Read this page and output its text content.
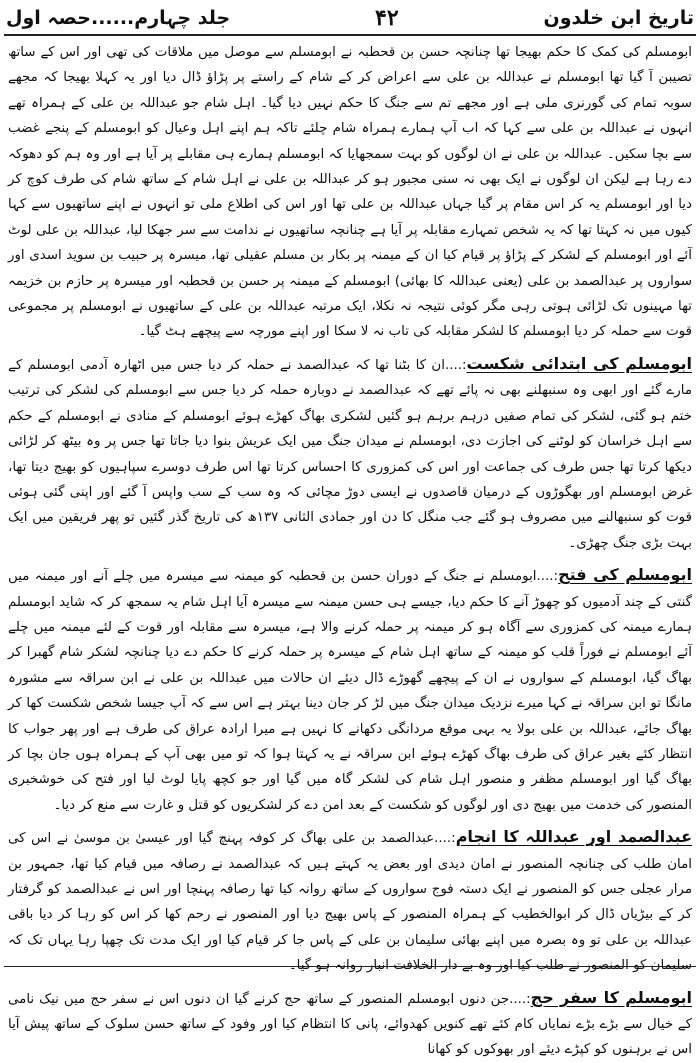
تاریخ ابن خلدون
۴۲
جلد چہارم......حصہ اول

ابومسلم کی کمک کا حکم بھیجا تھا چنانچہ حسن بن قحطبہ نے ابومسلم سے موصل میں ملاقات کی تھی اور اس کے ساتھ تصیبن آ گیا تھا ابومسلم نے عبداللہ بن علی سے اعراض کر کے شام کے راستے پر پڑاؤ ڈال دیا اور یہ کہلا بھیجا کہ مجھے سوبہ تمام کی گورنری ملی ہے اور مجھے تم سے جنگ کا حکم نہیں دیا گیا۔ اہل شام جو عبداللہ بن علی کے ہمراہ تھے انہوں نے عبداللہ بن علی سے کہا کہ اب آپ ہمارے ہمراہ شام چلئے تاکہ ہم اپنے اہل وعیال کو ابومسلم کے پنجے غضب سے بچا سکیں۔ عبداللہ بن علی نے ان لوگوں کو بہت سمجھایا کہ ابومسلم ہمارے ہی مقابلے پر آیا ہے اور وہ ہم کو دھوکہ دے رہا ہے لیکن ان لوگوں نے ایک بھی نہ سنی مجبور ہو کر عبداللہ بن علی نے اہل شام کے ساتھ شام کی طرف کوچ کر دیا اور ابومسلم یہ کر اس مقام پر گیا جہاں عبداللہ بن علی تھا اور اس کی اطلاع ملی تو انہوں نے اپنے ساتھیوں سے کہا کیوں میں نہ کہتا تھا کہ یہ شخص تمہارے مقابلہ پر آیا ہے چنانچہ ساتھیوں نے ندامت سے سر جھکا لیا، عبداللہ بن علی لوٹ آئے اور ابومسلم کے لشکر کے پڑاؤ پر قیام کیا ان کے میمنہ پر بکار بن مسلم عقیلی تھا، میسرہ پر حبیب بن سوید اسدی اور سواروں پر عبدالصمد بن علی (یعنی عبداللہ کا بھائی) ابومسلم کے میمنہ پر حسن بن قحطبہ اور میسرہ پر حازم بن خزیمہ تھا مہینوں تک لڑائی ہوتی رہی مگر کوئی نتیجہ نہ نکلا، ایک مرتبہ عبداللہ بن علی کے ساتھیوں نے ابومسلم پر مجموعی قوت سے حملہ کر دیا ابومسلم کا لشکر مقابلہ کی تاب نہ لا سکا اور اپنے مورچہ سے پیچھے ہٹ گیا۔

ابومسلم کی ابتدائی شکست:....ان کا بٹنا تھا کہ عبدالصمد نے حملہ کر دیا جس میں اٹھارہ آدمی ابومسلم کے مارے گئے اور ابھی وہ سنبھلنے بھی نہ پائے تھے کہ عبدالصمد نے دوبارہ حملہ کر دیا جس سے ابومسلم کی لشکر کی ترتیب ختم ہو گئی، لشکر کی تمام صفیں درہم برہم ہو گئیں لشکری بھاگ کھڑے ہوئے ابومسلم کے منادی نے ابومسلم کے حکم سے اہل خراسان کو لوٹنے کی اجازت دی، ابومسلم نے میدان جنگ میں ایک عریش بنوا دیا جاتا تھا جس پر وہ بیٹھ کر لڑائی دیکھا کرتا تھا جس طرف کی جماعت اور اس کی کمزوری کا احساس کرتا تھا اس طرف دوسرے سپاہیوں کو بھیج دیتا تھا، غرض ابومسلم اور بھگوڑوں کے درمیان قاصدوں نے ایسی دوڑ مچائی کہ وہ سب کے سب واپس آ گئے اور اپنی گئی ہوئی قوت کو سنبھالنے میں مصروف ہو گئے جب منگل کا دن اور جمادی الثانی ۱۳۷ھ کی تاریخ گذر گئیں تو پھر فریقین میں ایک بہت بڑی جنگ چھڑی۔

ابومسلم کی فتح:....ابومسلم نے جنگ کے دوران حسن بن قحطبہ کو میمنہ سے میسرہ میں چلے آنے اور میمنہ میں گنتی کے چند آدمیوں کو چھوڑ آنے کا حکم دیا، جیسے ہی حسن میمنہ سے میسرہ آیا اہل شام یہ سمجھ کر کہ شاید ابومسلم ہمارے میمنہ کی کمزوری سے آگاہ ہو کر میمنہ پر حملہ کرنے والا ہے، میسرہ سے مقابلہ اور قوت کے لئے میمنہ میں چلے آئے ابومسلم نے فوراً قلب کو میمنہ کے ساتھ اہل شام کے میسرہ پر حملہ کرنے کا حکم دے دیا چنانچہ لشکر شام گھبرا کر بھاگ گیا، ابومسلم کے سواروں نے ان کے پیچھے گھوڑے ڈال دیئے ان حالات میں عبداللہ بن علی نے ابن سراقہ سے مشورہ مانگا تو ابن سراقہ نے کہا میرے نزدیک میدان جنگ میں لڑ کر جان دینا بہتر ہے اس سے کہ آپ جیسا شخص شکست کھا کر بھاگ جائے، عبداللہ بن علی بولا یہ بہی موقع مردانگی دکھانے کا نہیں ہے میرا ارادہ عراق کی طرف ہے اور پھر جواب کا انتظار کئے بغیر عراق کی طرف بھاگ کھڑے ہوئے ابن سراقہ نے یہ کہتا ہوا کہ تو میں بھی آپ کے ہمراہ ہوں جان بچا کر بھاگ گیا اور ابومسلم مظفر و منصور اہل شام کی لشکر گاہ میں گیا اور جو کچھ پایا لوٹ لیا اور فتح کی خوشخبری المنصور کی خدمت میں بھیج دی اور لوگوں کو شکست کے بعد امن دے کر لشکریوں کو قتل و غارت سے منع کر دیا۔

عبدالصمد اور عبداللہ کا انجام:....عبدالصمد بن علی بھاگ کر کوفہ پہنچ گیا اور عیسیٰ بن موسیٰ نے اس کی امان طلب کی چنانچہ المنصور نے امان دیدی اور بعض یہ کہتے ہیں کہ عبدالصمد نے رصافہ میں قیام کیا تھا، جمہور بن مرار عجلی جس کو المنصور نے ایک دستہ فوج سواروں کے ساتھ روانہ کیا تھا رصافہ پہنچا اور اس نے عبدالصمد کو گرفتار کر کے بیڑیاں ڈال کر ابوالخطیب کے ہمراہ المنصور کے پاس بھیج دیا اور المنصور نے رحم کھا کر اس کو رہا کر دیا باقی عبداللہ بن علی تو وہ بصرہ میں اپنے بھائی سلیمان بن علی کے پاس جا کر قیام کیا اور ایک مدت تک چھپا رہا یہاں تک کہ سلیمان کو المنصور نے طلب کیا اور وہ بے دار الخلافت انبار روانہ ہو گیا۔

ابومسلم کا سفر حج:....جن دنوں ابومسلم المنصور کے ساتھ حج کرنے گیا ان دنوں اس نے سفر حج میں نیک نامی کے خیال سے بڑے بڑے نمایاں کام کئے تھے کنویں کھدوائے، پانی کا انتظام کیا اور وفود کے ساتھ حسن سلوک کے ساتھ پیش آیا اس نے برہنوں کو کپڑے دیئے اور بھوکوں کو کھانا
